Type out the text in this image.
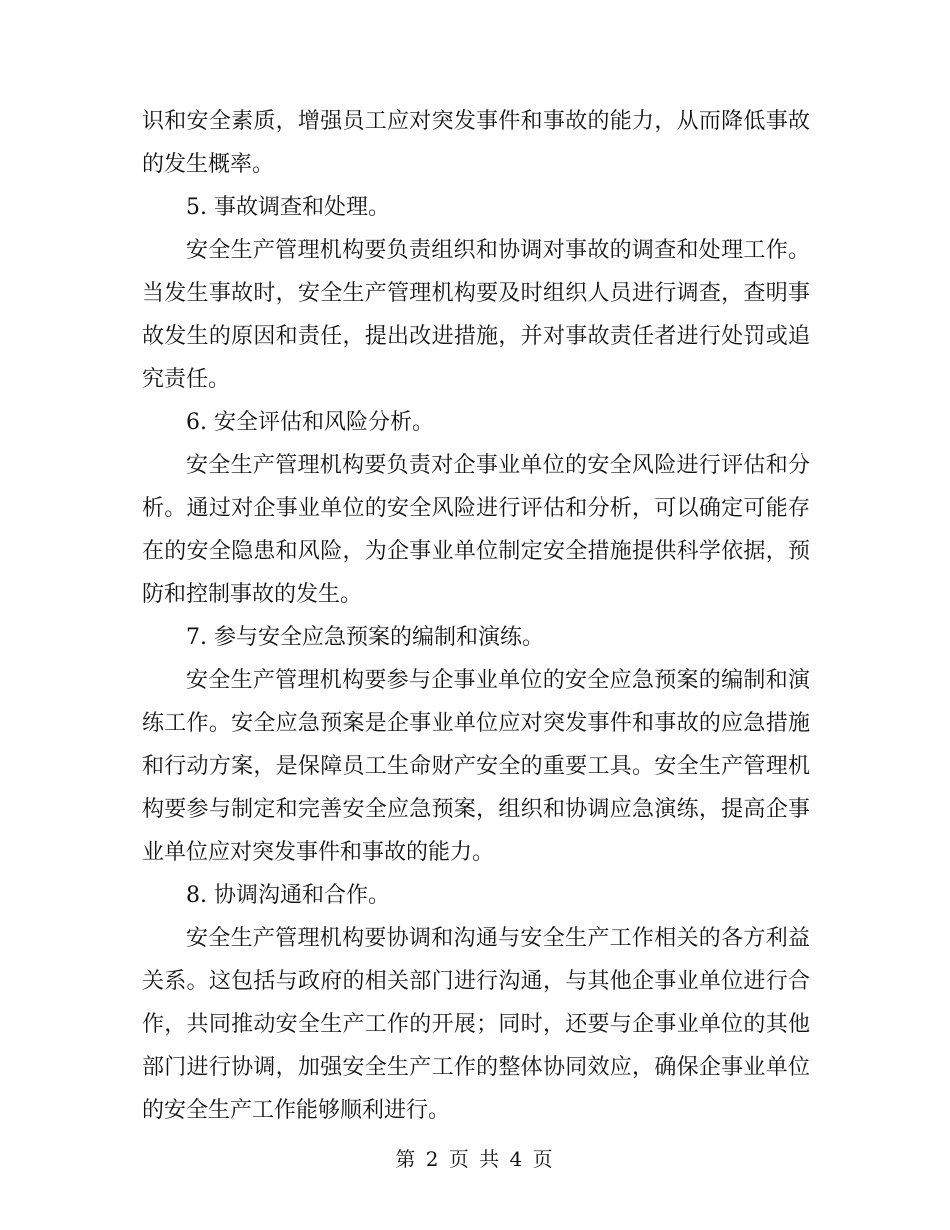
识和安全素质，增强员工应对突发事件和事故的能力，从而降低事故的发生概率。

5. 事故调查和处理。

安全生产管理机构要负责组织和协调对事故的调查和处理工作。当发生事故时，安全生产管理机构要及时组织人员进行调查，查明事故发生的原因和责任，提出改进措施，并对事故责任者进行处罚或追究责任。

6. 安全评估和风险分析。

安全生产管理机构要负责对企事业单位的安全风险进行评估和分析。通过对企事业单位的安全风险进行评估和分析，可以确定可能存在的安全隐患和风险，为企事业单位制定安全措施提供科学依据，预防和控制事故的发生。

7. 参与安全应急预案的编制和演练。

安全生产管理机构要参与企事业单位的安全应急预案的编制和演练工作。安全应急预案是企事业单位应对突发事件和事故的应急措施和行动方案，是保障员工生命财产安全的重要工具。安全生产管理机构要参与制定和完善安全应急预案，组织和协调应急演练，提高企事业单位应对突发事件和事故的能力。

8. 协调沟通和合作。

安全生产管理机构要协调和沟通与安全生产工作相关的各方利益关系。这包括与政府的相关部门进行沟通，与其他企事业单位进行合作，共同推动安全生产工作的开展；同时，还要与企事业单位的其他部门进行协调，加强安全生产工作的整体协同效应，确保企事业单位的安全生产工作能够顺利进行。

第 2 页 共 4 页
